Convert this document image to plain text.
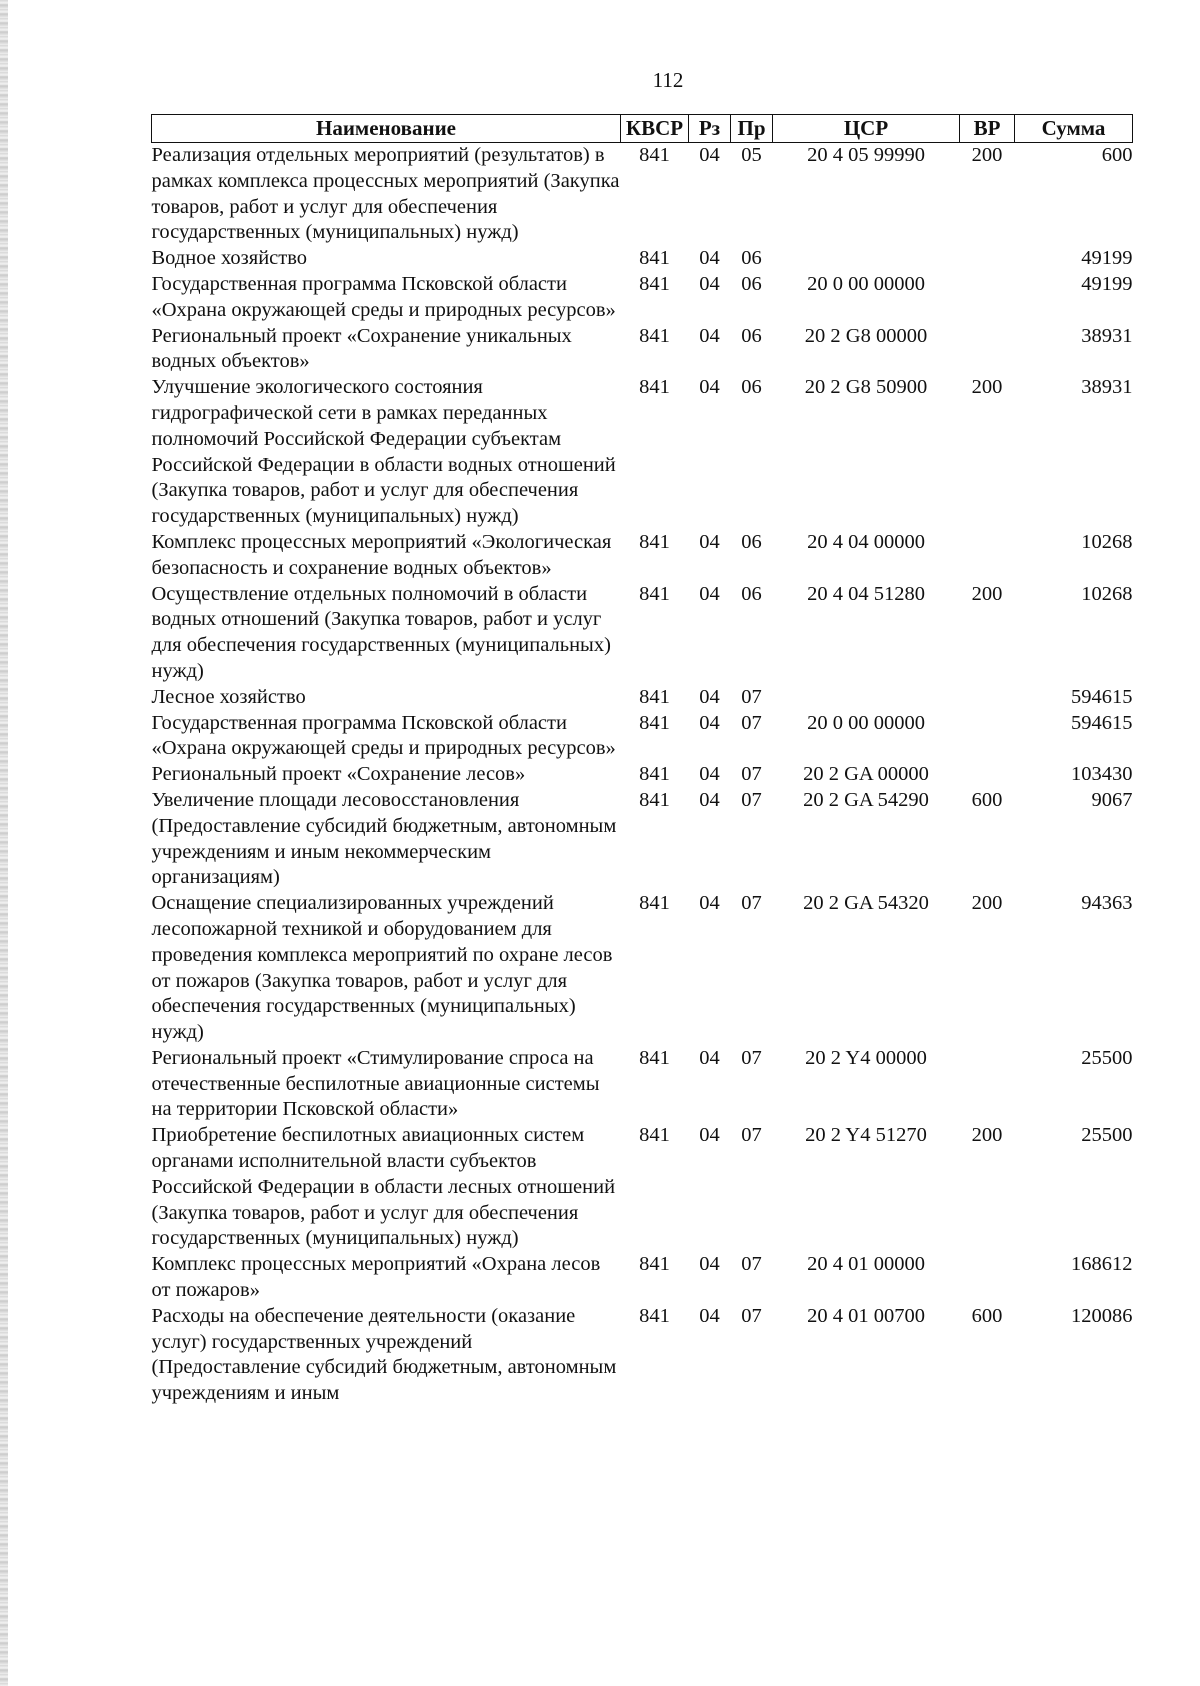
112
Наименование	КВСР	Рз	Пр	ЦСР	ВР	Сумма
Реализация отдельных мероприятий (результатов) в рамках комплекса процессных мероприятий (Закупка товаров, работ и услуг для обеспечения государственных (муниципальных) нужд)	841	04	05	20 4 05 99990	200	600
Водное хозяйство	841	04	06			49199
Государственная программа Псковской области «Охрана окружающей среды и природных ресурсов»	841	04	06	20 0 00 00000		49199
Региональный проект «Сохранение уникальных водных объектов»	841	04	06	20 2 G8 00000		38931
Улучшение экологического состояния гидрографической сети в рамках переданных полномочий Российской Федерации субъектам Российской Федерации в области водных отношений (Закупка товаров, работ и услуг для обеспечения государственных (муниципальных) нужд)	841	04	06	20 2 G8 50900	200	38931
Комплекс процессных мероприятий «Экологическая безопасность и сохранение водных объектов»	841	04	06	20 4 04 00000		10268
Осуществление отдельных полномочий в области водных отношений (Закупка товаров, работ и услуг для обеспечения государственных (муниципальных) нужд)	841	04	06	20 4 04 51280	200	10268
Лесное хозяйство	841	04	07			594615
Государственная программа Псковской области «Охрана окружающей среды и природных ресурсов»	841	04	07	20 0 00 00000		594615
Региональный проект «Сохранение лесов»	841	04	07	20 2 GA 00000		103430
Увеличение площади лесовосстановления (Предоставление субсидий бюджетным, автономным учреждениям и иным некоммерческим организациям)	841	04	07	20 2 GA 54290	600	9067
Оснащение специализированных учреждений лесопожарной техникой и оборудованием для проведения комплекса мероприятий по охране лесов от пожаров (Закупка товаров, работ и услуг для обеспечения государственных (муниципальных) нужд)	841	04	07	20 2 GA 54320	200	94363
Региональный проект «Стимулирование спроса на отечественные беспилотные авиационные системы на территории Псковской области»	841	04	07	20 2 Y4 00000		25500
Приобретение беспилотных авиационных систем органами исполнительной власти субъектов Российской Федерации в области лесных отношений (Закупка товаров, работ и услуг для обеспечения государственных (муниципальных) нужд)	841	04	07	20 2 Y4 51270	200	25500
Комплекс процессных мероприятий «Охрана лесов от пожаров»	841	04	07	20 4 01 00000		168612
Расходы на обеспечение деятельности (оказание услуг) государственных учреждений (Предоставление субсидий бюджетным, автономным учреждениям и иным	841	04	07	20 4 01 00700	600	120086
